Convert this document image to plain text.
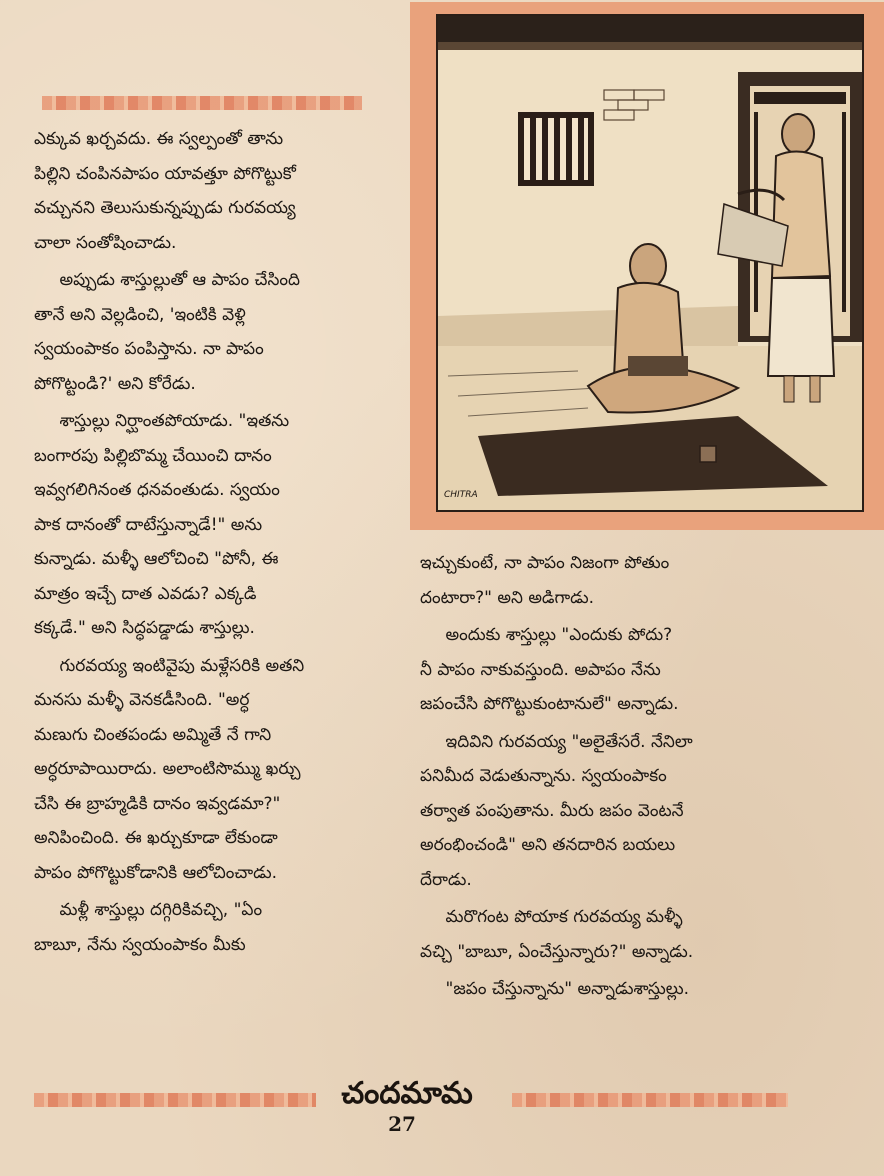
ఎక్కువ ఖర్చవదు. ఈ స్వల్పంతో తాను

పిల్లిని చంపినపాపం యావత్తూ పోగొట్టుకో

వచ్చునని తెలుసుకున్నప్పుడు గురవయ్య

చాలా సంతోషించాడు.

అప్పుడు శాస్తుల్లుతో ఆ పాపం చేసింది

తానే అని వెల్లడించి, 'ఇంటికి వెళ్లి

స్వయంపాకం పంపిస్తాను. నా పాపం

పోగొట్టండి?' అని కోరేడు.

శాస్తుల్లు నిర్ఘాంతపోయాడు. "ఇతను

బంగారపు పిల్లిబొమ్మ చేయించి దానం

ఇవ్వగలిగినంత ధనవంతుడు. స్వయం

పాక దానంతో దాటేస్తున్నాడే!" అను

కున్నాడు. మళ్ళీ ఆలోచించి "పోనీ, ఈ

మాత్రం ఇచ్చే దాత ఎవడు? ఎక్కడి

కక్కడే." అని సిద్ధపడ్డాడు శాస్తుల్లు.

గురవయ్య ఇంటివైపు మళ్లేసరికి అతని

మనసు మళ్ళీ వెనకడీసింది. "అర్ధ

మణుగు చింతపండు అమ్మితే నే గాని

అర్ధరూపాయిరాదు. అలాంటిసొమ్ము ఖర్చు

చేసి ఈ బ్రాహ్మడికి దానం ఇవ్వడమా?"

అనిపించింది. ఈ ఖర్చుకూడా లేకుండా

పాపం పోగొట్టుకోడానికి ఆలోచించాడు.

మళ్లీ శాస్తుల్లు దగ్గిరికివచ్చి, "ఏం

బాబూ, నేను స్వయంపాకం మీకు

CHITRA

ఇచ్చుకుంటే, నా పాపం నిజంగా పోతుం

దంటారా?" అని అడిగాడు.

అందుకు శాస్తుల్లు "ఎందుకు పోదు?

నీ పాపం నాకువస్తుంది. అపాపం నేను

జపంచేసి పోగొట్టుకుంటానులే" అన్నాడు.

ఇదివిని గురవయ్య "అలైతేసరే. నేనిలా

పనిమీద వెడుతున్నాను. స్వయంపాకం

తర్వాత పంపుతాను. మీరు జపం వెంటనే

అరంభించండి" అని తనదారిన బయలు

దేరాడు.

మరొగంట పోయాక గురవయ్య మళ్ళీ

వచ్చి "బాబూ, ఏంచేస్తున్నారు?" అన్నాడు.

"జపం చేస్తున్నాను" అన్నాడుశాస్తుల్లు.

చందమామ
27
